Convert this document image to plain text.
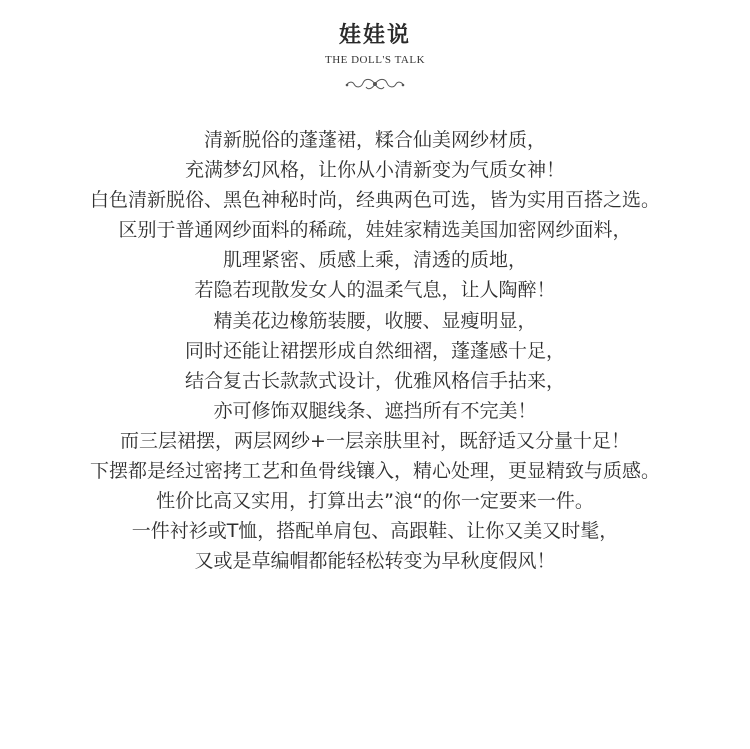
娃娃说
THE DOLL'S TALK
清新脱俗的蓬蓬裙，糅合仙美网纱材质，
充满梦幻风格，让你从小清新变为气质女神！
白色清新脱俗、黑色神秘时尚，经典两色可选，皆为实用百搭之选。
区别于普通网纱面料的稀疏，娃娃家精选美国加密网纱面料，
肌理紧密、质感上乘，清透的质地，
若隐若现散发女人的温柔气息，让人陶醉！
精美花边橡筋装腰，收腰、显瘦明显，
同时还能让裙摆形成自然细褶，蓬蓬感十足，
结合复古长款款式设计，优雅风格信手拈来，
亦可修饰双腿线条、遮挡所有不完美！
而三层裙摆，两层网纱+一层亲肤里衬，既舒适又分量十足！
下摆都是经过密拷工艺和鱼骨线镶入，精心处理，更显精致与质感。
性价比高又实用，打算出去”浪“的你一定要来一件。
一件衬衫或T恤，搭配单肩包、高跟鞋、让你又美又时髦，
又或是草编帽都能轻松转变为早秋度假风！
